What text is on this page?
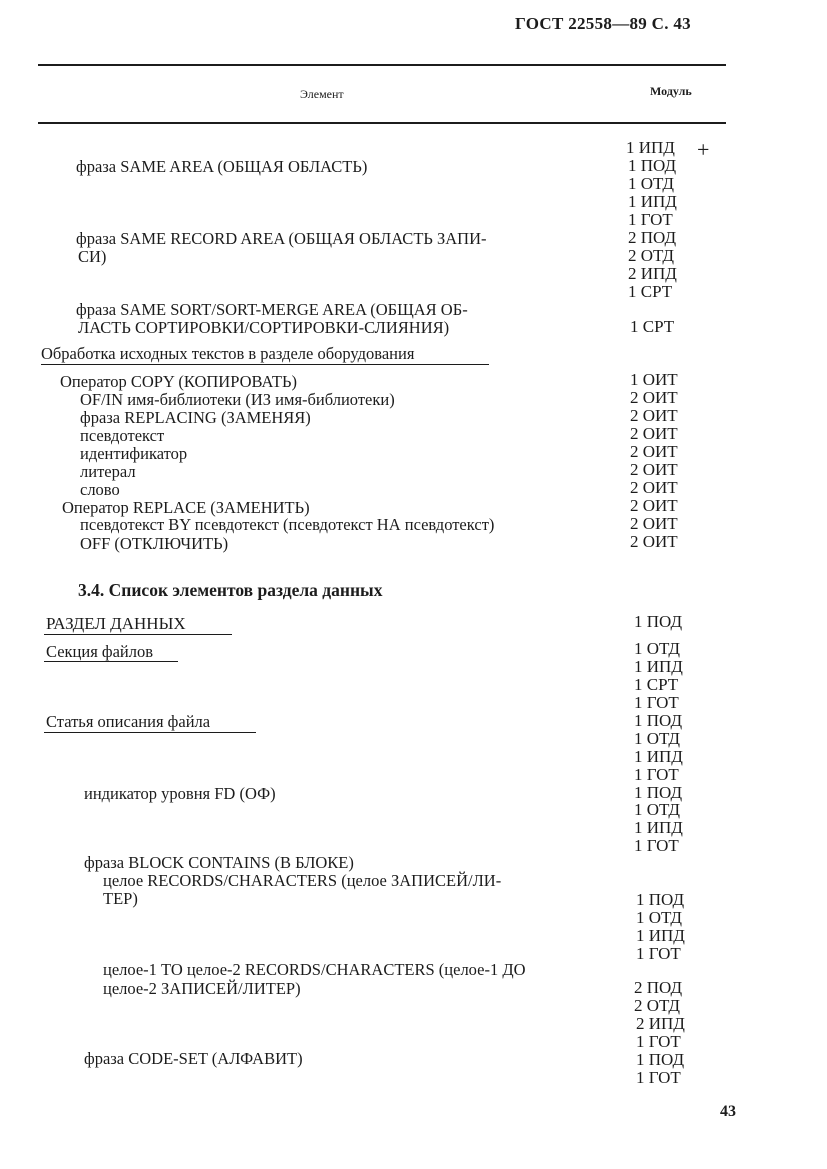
ГОСТ 22558—89 С. 43
Элемент	Модуль
+
фраза SAME AREA (ОБЩАЯ ОБЛАСТЬ)
фраза SAME RECORD AREA (ОБЩАЯ ОБЛАСТЬ ЗАПИ-
СИ)
фраза SAME SORT/SORT-MERGE AREA (ОБЩАЯ ОБ-
ЛАСТЬ СОРТИРОВКИ/СОРТИРОВКИ-СЛИЯНИЯ)
Обработка исходных текстов в разделе оборудования
Оператор COPY (КОПИРОВАТЬ)
OF/IN имя-библиотеки (ИЗ имя-библиотеки)
фраза REPLACING (ЗАМЕНЯЯ)
псевдотекст
идентификатор
литерал
слово
Оператор REPLACE (ЗАМЕНИТЬ)
псевдотекст BY псевдотекст (псевдотекст НА псевдотекст)
OFF (ОТКЛЮЧИТЬ)
3.4. Список элементов раздела данных
РАЗДЕЛ ДАННЫХ
Секция файлов
Статья описания файла
индикатор уровня FD (ОФ)
фраза BLOCK CONTAINS (В БЛОКЕ)
целое RECORDS/CHARACTERS (целое ЗАПИСЕЙ/ЛИ-
ТЕР)
целое-1 TO целое-2 RECORDS/CHARACTERS (целое-1 ДО
целое-2 ЗАПИСЕЙ/ЛИТЕР)
фраза CODE-SET (АЛФАВИТ)
1 ИПД
1 ПОД
1 ОТД
1 ИПД
1 ГОТ
2 ПОД
2 ОТД
2 ИПД
1 СРТ
1 СРТ
1 ОИТ
2 ОИТ
2 ОИТ
2 ОИТ
2 ОИТ
2 ОИТ
2 ОИТ
2 ОИТ
2 ОИТ
2 ОИТ
1 ПОД
1 ОТД
1 ИПД
1 СРТ
1 ГОТ
1 ПОД
1 ОТД
1 ИПД
1 ГОТ
1 ПОД
1 ОТД
1 ИПД
1 ГОТ
1 ПОД
1 ОТД
1 ИПД
1 ГОТ
2 ПОД
2 ОТД
2 ИПД
1 ГОТ
1 ПОД
1 ГОТ
43
